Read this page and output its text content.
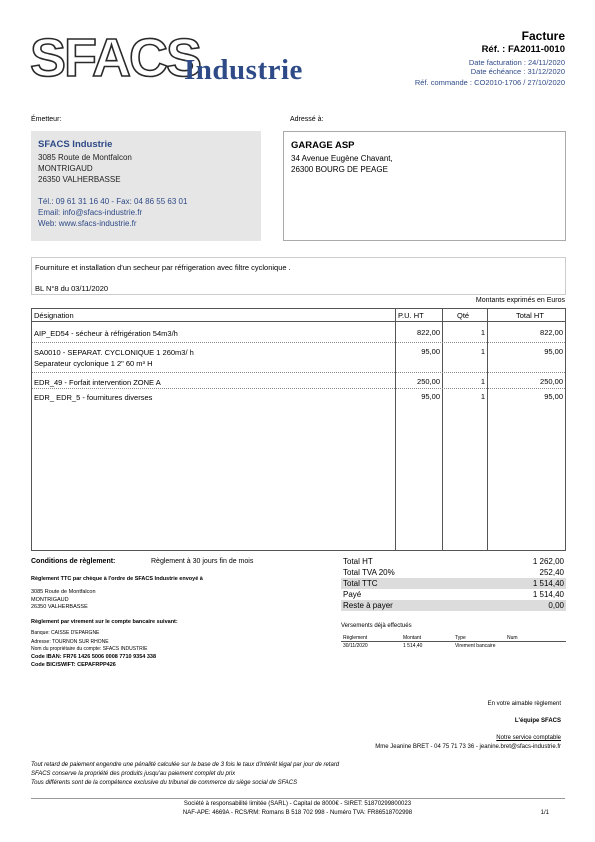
SFACS
Industrie
Facture
Réf. : FA2011-0010
Date facturation : 24/11/2020
Date échéance : 31/12/2020
Réf. commande : CO2010-1706 / 27/10/2020
Émetteur:
SFACS Industrie
3085 Route de Montfalcon
MONTRIGAUD
26350 VALHERBASSE
Tél.: 09 61 31 16 40 - Fax: 04 86 55 63 01
Email: info@sfacs-industrie.fr
Web: www.sfacs-industrie.fr
Adressé à:
GARAGE ASP
34 Avenue Eugène Chavant,
26300 BOURG DE PEAGE
Fourniture et installation d'un secheur par réfrigeration avec filtre cyclonique .
BL N°8 du 03/11/2020
Montants exprimés en Euros
Désignation	P.U. HT	Qté	Total HT
AIP_ED54 - sécheur à réfrigération 54m3/h	822,00	1	822,00
SA0010 - SEPARAT. CYCLONIQUE 1 260m3/ h
Separateur cyclonique 1 2" 60 m³ H
95,00	1	95,00
EDR_49 - Forfait intervention ZONE A	250,00	1	250,00
EDR_ EDR_5 - fournitures diverses	95,00	1	95,00
Conditions de règlement:	Règlement à 30 jours fin de mois
Règlement TTC par chèque à l'ordre de SFACS Industrie envoyé à
3085 Route de Montfalcon
MONTRIGAUD
26350 VALHERBASSE
Règlement par virement sur le compte bancaire suivant:
Banque: CAISSE D'EPARGNE
Adresse: TOURNON SUR RHONE
Nom du propriétaire du compte: SFACS INDUSTRIE
Code IBAN: FR76 1426 5006 0008 7710 9354 338
Code BIC/SWIFT: CEPAFRPP426
Total HT	1 262,00
Total TVA 20%	252,40
Total TTC	1 514,40
Payé	1 514,40
Reste à payer	0,00
Versements déjà effectués
Règlement	Montant	Type	Num
30/11/2020	1 514,40	Virement bancaire
En votre aimable règlement
L'équipe SFACS
Notre service comptable
Mme Jeanine BRET - 04 75 71 73 36 - jeanine.bret@sfacs-industrie.fr
Tout retard de paiement engendre une pénalité calculée sur la base de 3 fois le taux d'intérêt légal par jour de retard
SFACS conserve la propriété des produits jusqu'au paiement complet du prix
Tous différents sont de la compétence exclusive du tribunal de commerce du siège social de SFACS
Société à responsabilité limitée (SARL) - Capital de 8000€ - SIRET: 51870299800023
NAF-APE: 4669A - RCS/RM: Romans B 518 702 998 - Numéro TVA: FR86518702998	1/1
